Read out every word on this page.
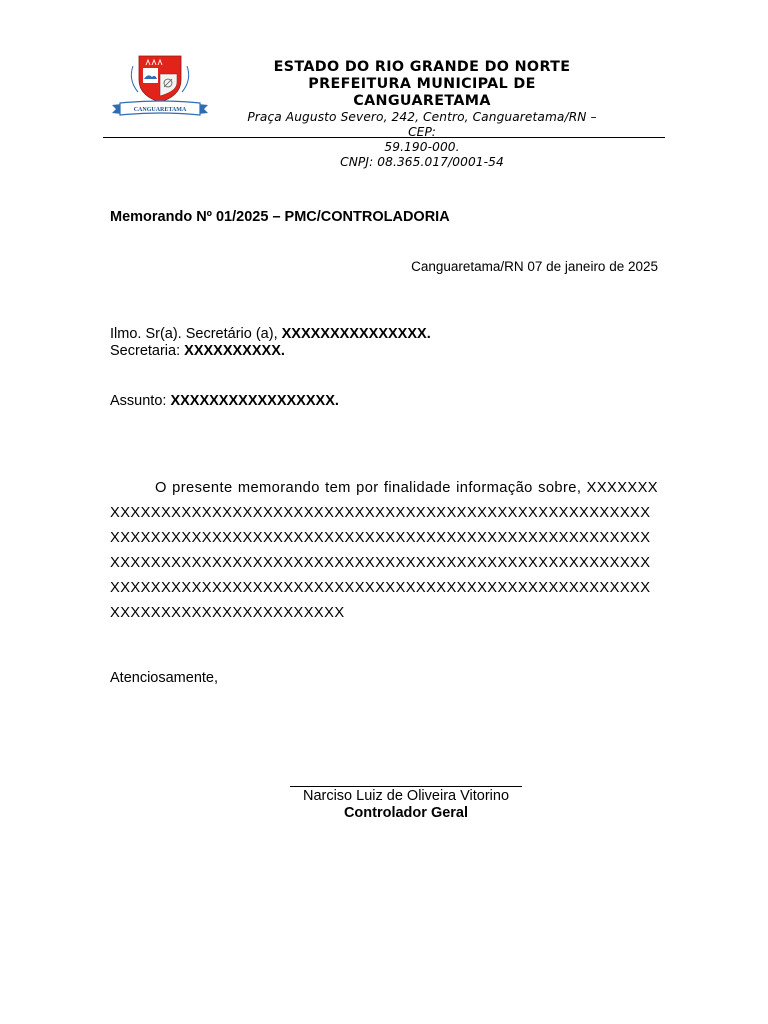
CANGUARETAMA
ESTADO DO RIO GRANDE DO NORTE
PREFEITURA MUNICIPAL DE CANGUARETAMA
Praça Augusto Severo, 242, Centro, Canguaretama/RN – CEP:
59.190-000.
CNPJ: 08.365.017/0001-54
Memorando Nº 01/2025 – PMC/CONTROLADORIA
Canguaretama/RN 07 de janeiro de 2025
Ilmo. Sr(a). Secretário (a), XXXXXXXXXXXXXXX.
Secretaria: XXXXXXXXXX.
Assunto: XXXXXXXXXXXXXXXXX.
O presente memorando tem por finalidade informação sobre, XXXXXXXXXXXXXXXXXXXXXXXXXXXXXXXXXXXXXXXXXXXXXXXXXXXXXXXXXXXXXXXXXXXXXXXXXXXXXXXXXXXXXXXXXXXXXXXXXXXXXXXXXXXXXXXXXXXXXXXXXXXXXXXXXXXXXXXXXXXXXXXXXXXXXXXXXXXXXXXXXXXXXXXXXXXXXXXXXXXXXXXXXXXXXXXXXXXXXXXXXXXXXXXXXXXXXXXXXXXXXXXXXXXXXXXXXXXXXXXXXX
Atenciosamente,
Narciso Luiz de Oliveira Vitorino
Controlador Geral
